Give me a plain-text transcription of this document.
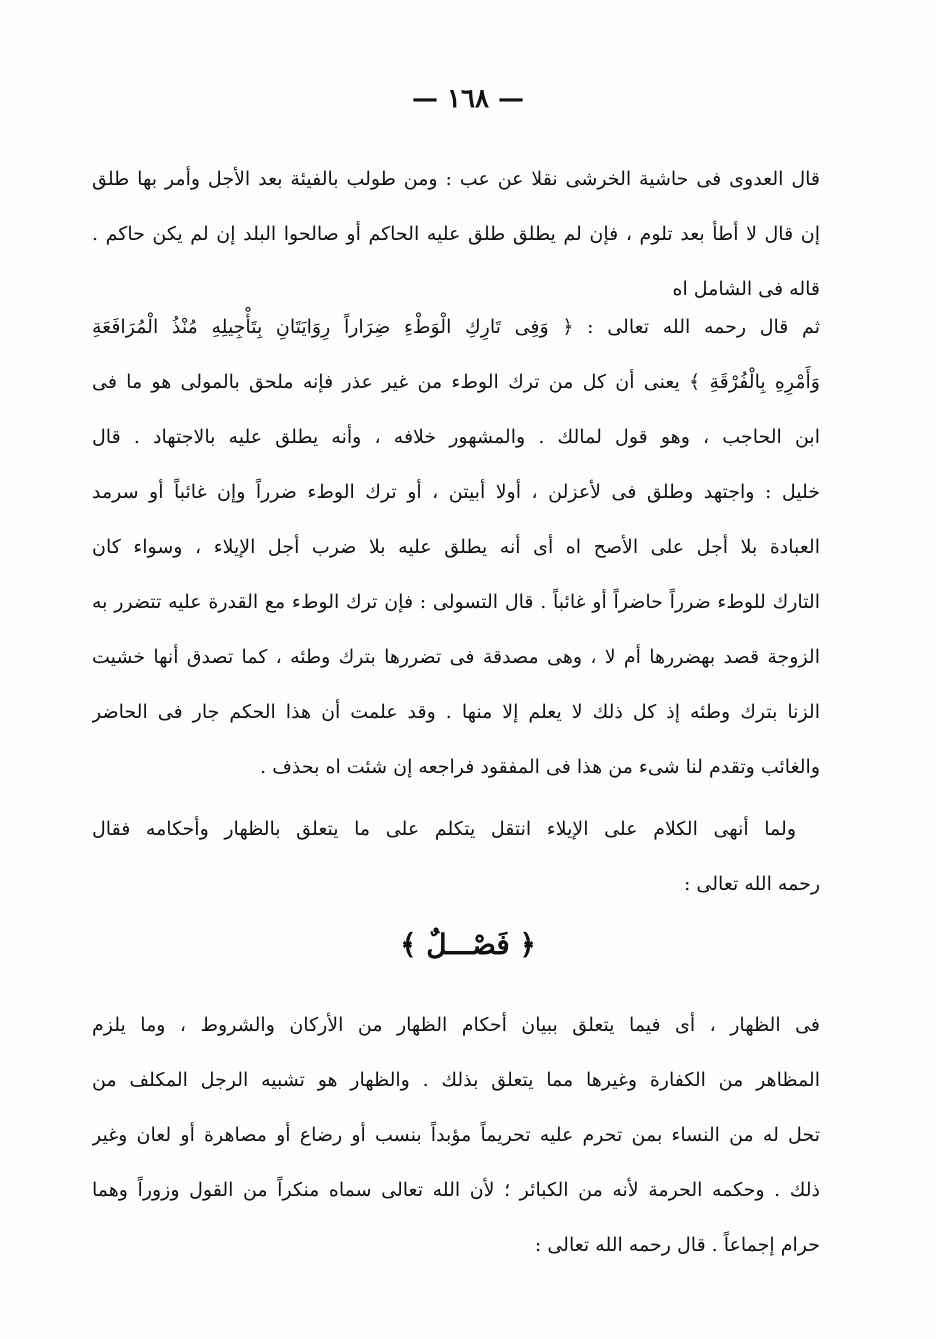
— ١٦٨ —
قال العدوى فى حاشية الخرشى نقلا عن عب : ومن طولب بالفيئة بعد الأجل وأمر بها طلق
إن قال لا أطأ بعد تلوم ، فإن لم يطلق طلق عليه الحاكم أو صالحوا البلد إن لم يكن حاكم .
قاله فى الشامل اه
ثم قال رحمه الله تعالى : ﴿ وَفِى تَارِكِ الْوَطْءِ ضِرَاراً رِوَايَتَانِ بِتَأْجِيلِهِ مُنْذُ الْمُرَافَعَةِ
وَأَمْرِهِ بِالْفُرْقَةِ ﴾ يعنى أن كل من ترك الوطء من غير عذر فإنه ملحق بالمولى هو ما فى
ابن الحاجب ، وهو قول لمالك . والمشهور خلافه ، وأنه يطلق عليه بالاجتهاد . قال
خليل : واجتهد وطلق فى لأعزلن ، أولا أبيتن ، أو ترك الوطء ضرراً وإن غائباً أو سرمد
العبادة بلا أجل على الأصح اه أى أنه يطلق عليه بلا ضرب أجل الإيلاء ، وسواء كان
التارك للوطء ضرراً حاضراً أو غائباً . قال التسولى : فإن ترك الوطء مع القدرة عليه تتضرر به
الزوجة قصد بهضررها أم لا ، وهى مصدقة فى تضررها بترك وطئه ، كما تصدق أنها خشيت
الزنا بترك وطئه إذ كل ذلك لا يعلم إلا منها . وقد علمت أن هذا الحكم جار فى الحاضر
والغائب وتقدم لنا شىء من هذا فى المفقود فراجعه إن شئت اه بحذف .
ولما أنهى الكلام على الإيلاء انتقل يتكلم على ما يتعلق بالظهار وأحكامه فقال
رحمه الله تعالى :
﴿ فَصْـــلٌ ﴾
فى الظهار ، أى فيما يتعلق ببيان أحكام الظهار من الأركان والشروط ، وما يلزم
المظاهر من الكفارة وغيرها مما يتعلق بذلك . والظهار هو تشبيه الرجل المكلف من
تحل له من النساء بمن تحرم عليه تحريماً مؤبداً بنسب أو رضاع أو مصاهرة أو لعان وغير
ذلك . وحكمه الحرمة لأنه من الكبائر ؛ لأن الله تعالى سماه منكراً من القول وزوراً وهما
حرام إجماعاً . قال رحمه الله تعالى :
